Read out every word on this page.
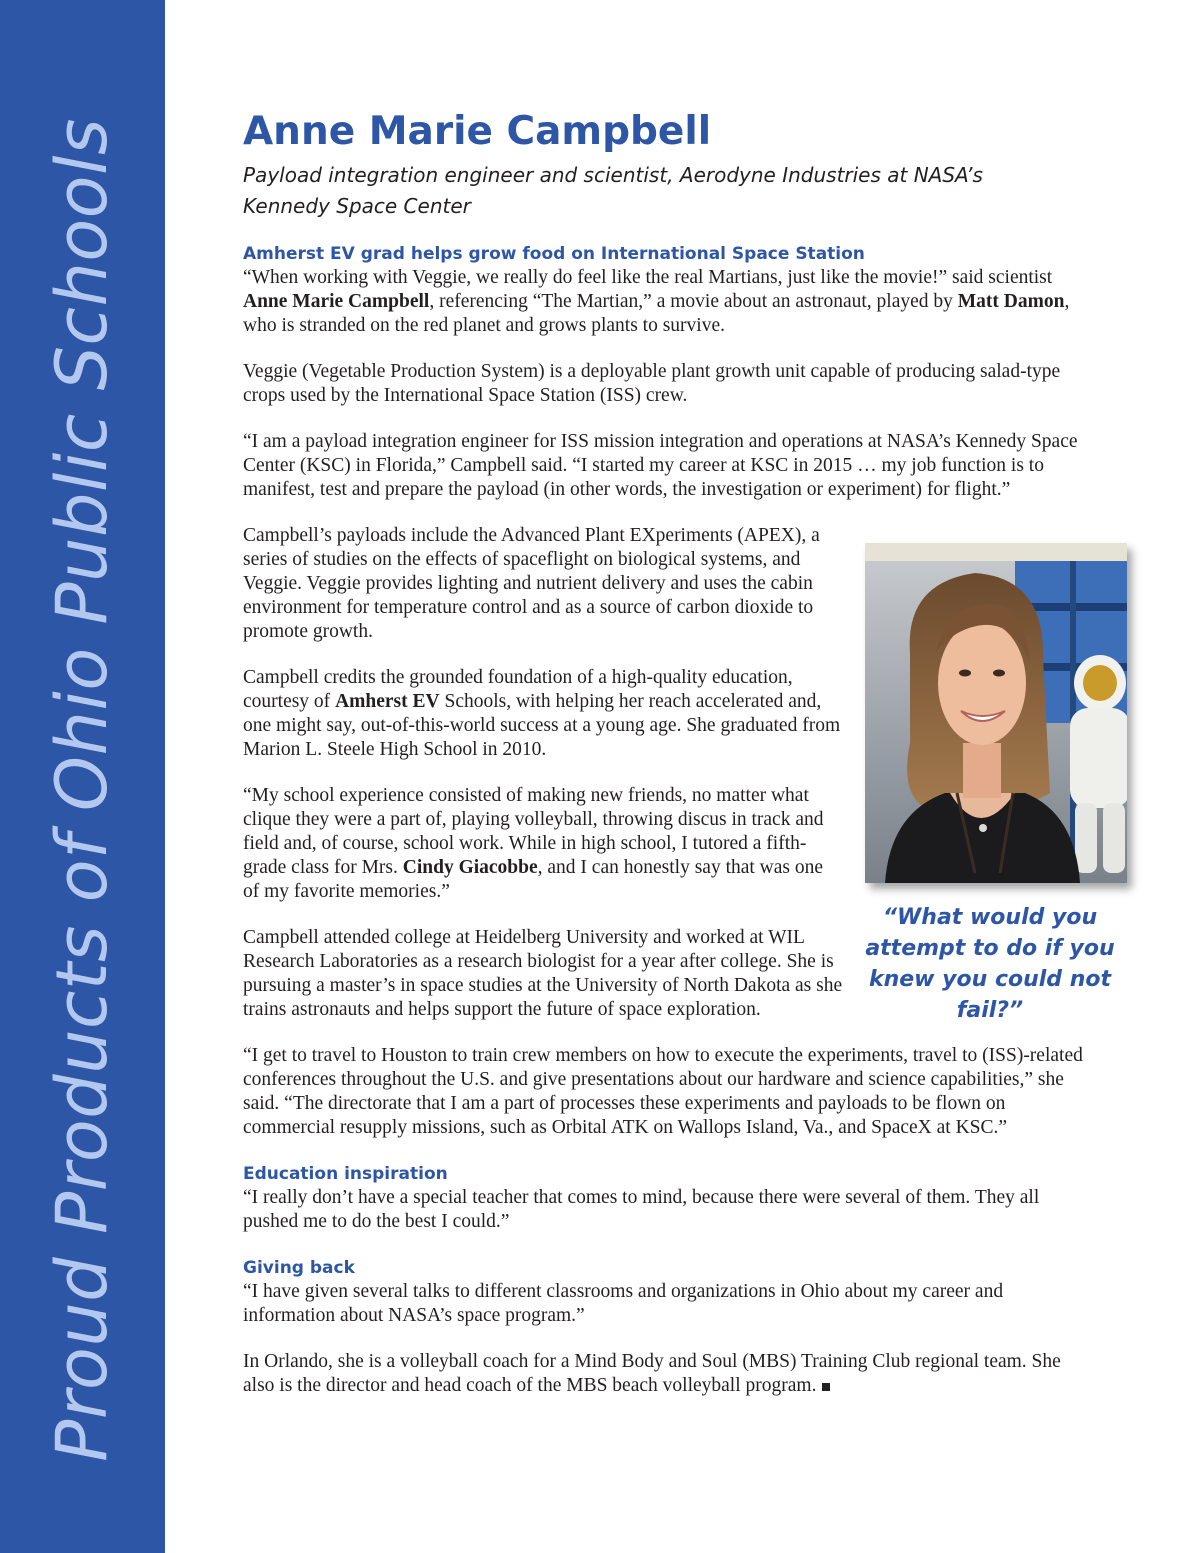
Proud Products of Ohio Public Schools	Anne Marie Campbell

Payload integration engineer and scientist, Aerodyne Industries at NASA’s
Kennedy Space Center

Amherst EV grad helps grow food on International Space Station

“When working with Veggie, we really do feel like the real Martians, just like the movie!” said scientist Anne Marie Campbell, referencing “The Martian,” a movie about an astronaut, played by Matt Damon, who is stranded on the red planet and grows plants to survive.

Veggie (Vegetable Production System) is a deployable plant growth unit capable of producing salad-type crops used by the International Space Station (ISS) crew.

“I am a payload integration engineer for ISS mission integration and operations at NASA’s Kennedy Space Center (KSC) in Florida,” Campbell said. “I started my career at KSC in 2015 … my job function is to manifest, test and prepare the payload (in other words, the investigation or experiment) for flight.”

Campbell’s payloads include the Advanced Plant EXperiments (APEX), a series of studies on the effects of spaceflight on biological systems, and Veggie. Veggie provides lighting and nutrient delivery and uses the cabin environment for temperature control and as a source of carbon dioxide to promote growth.

Campbell credits the grounded foundation of a high-quality education, courtesy of Amherst EV Schools, with helping her reach accelerated and, one might say, out-of-this-world success at a young age. She graduated from Marion L. Steele High School in 2010.

“My school experience consisted of making new friends, no matter what clique they were a part of, playing volleyball, throwing discus in track and field and, of course, school work. While in high school, I tutored a fifth-grade class for Mrs. Cindy Giacobbe, and I can honestly say that was one of my favorite memories.”

Campbell attended college at Heidelberg University and worked at WIL Research Laboratories as a research biologist for a year after college. She is pursuing a master’s in space studies at the University of North Dakota as she trains astronauts and helps support the future of space exploration.

“I get to travel to Houston to train crew members on how to execute the experiments, travel to (ISS)-related conferences throughout the U.S. and give presentations about our hardware and science capabilities,” she said. “The directorate that I am a part of processes these experiments and payloads to be flown on commercial resupply missions, such as Orbital ATK on Wallops Island, Va., and SpaceX at KSC.”

Education inspiration

“I really don’t have a special teacher that comes to mind, because there were several of them. They all pushed me to do the best I could.”

Giving back

“I have given several talks to different classrooms and organizations in Ohio about my career and information about NASA’s space program.”

In Orlando, she is a volleyball coach for a Mind Body and Soul (MBS) Training Club regional team. She also is the director and head coach of the MBS beach volleyball program.

“What would you attempt to do if you knew you could not fail?”
